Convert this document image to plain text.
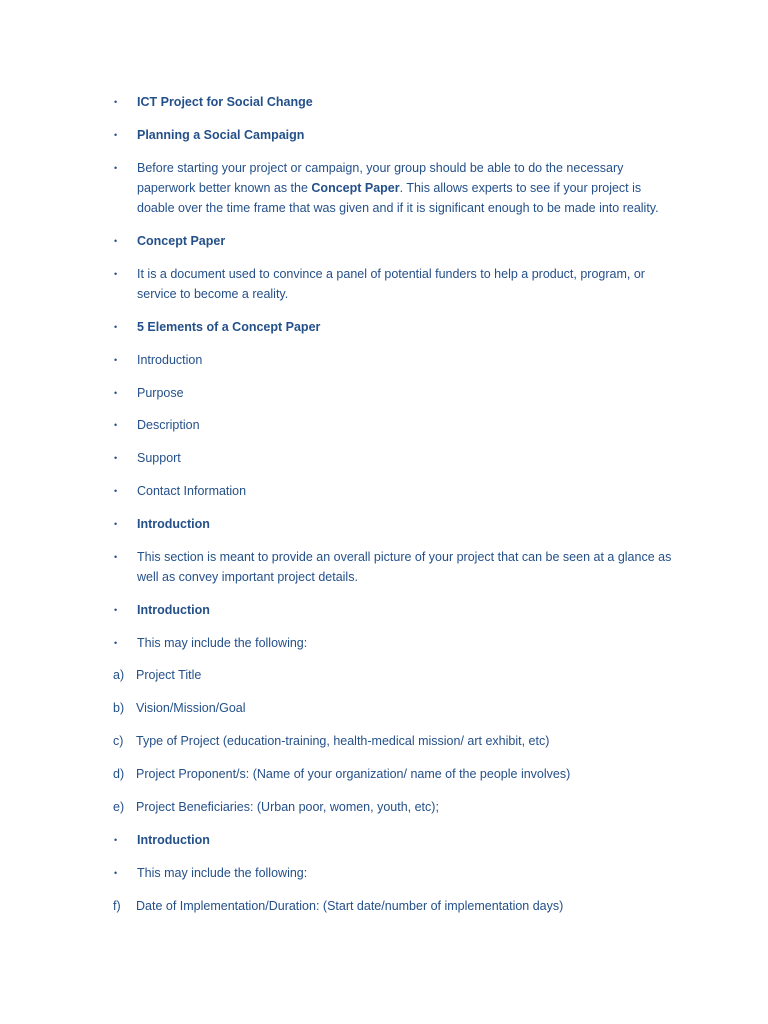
•	ICT Project for Social Change
•	Planning a Social Campaign
•	Before starting your project or campaign, your group should be able to do the necessary paperwork better known as the Concept Paper. This allows experts to see if your project is doable over the time frame that was given and if it is significant enough to be made into reality.
•	Concept Paper
•	It is a document used to convince a panel of potential funders to help a product, program, or service to become a reality.
•	5 Elements of a Concept Paper
•	Introduction
•	Purpose
•	Description
•	Support
•	Contact Information
•	Introduction
•	This section is meant to provide an overall picture of your project that can be seen at a glance as well as convey important project details.
•	Introduction
•	This may include the following:
a) Project Title
b) Vision/Mission/Goal
c)	Type of Project (education-training, health-medical mission/ art exhibit, etc)
d) Project Proponent/s: (Name of your organization/ name of the people involves)
e) Project Beneficiaries: (Urban poor, women, youth, etc);
•	Introduction
•	This may include the following:
f)	Date of Implementation/Duration: (Start date/number of implementation days)
